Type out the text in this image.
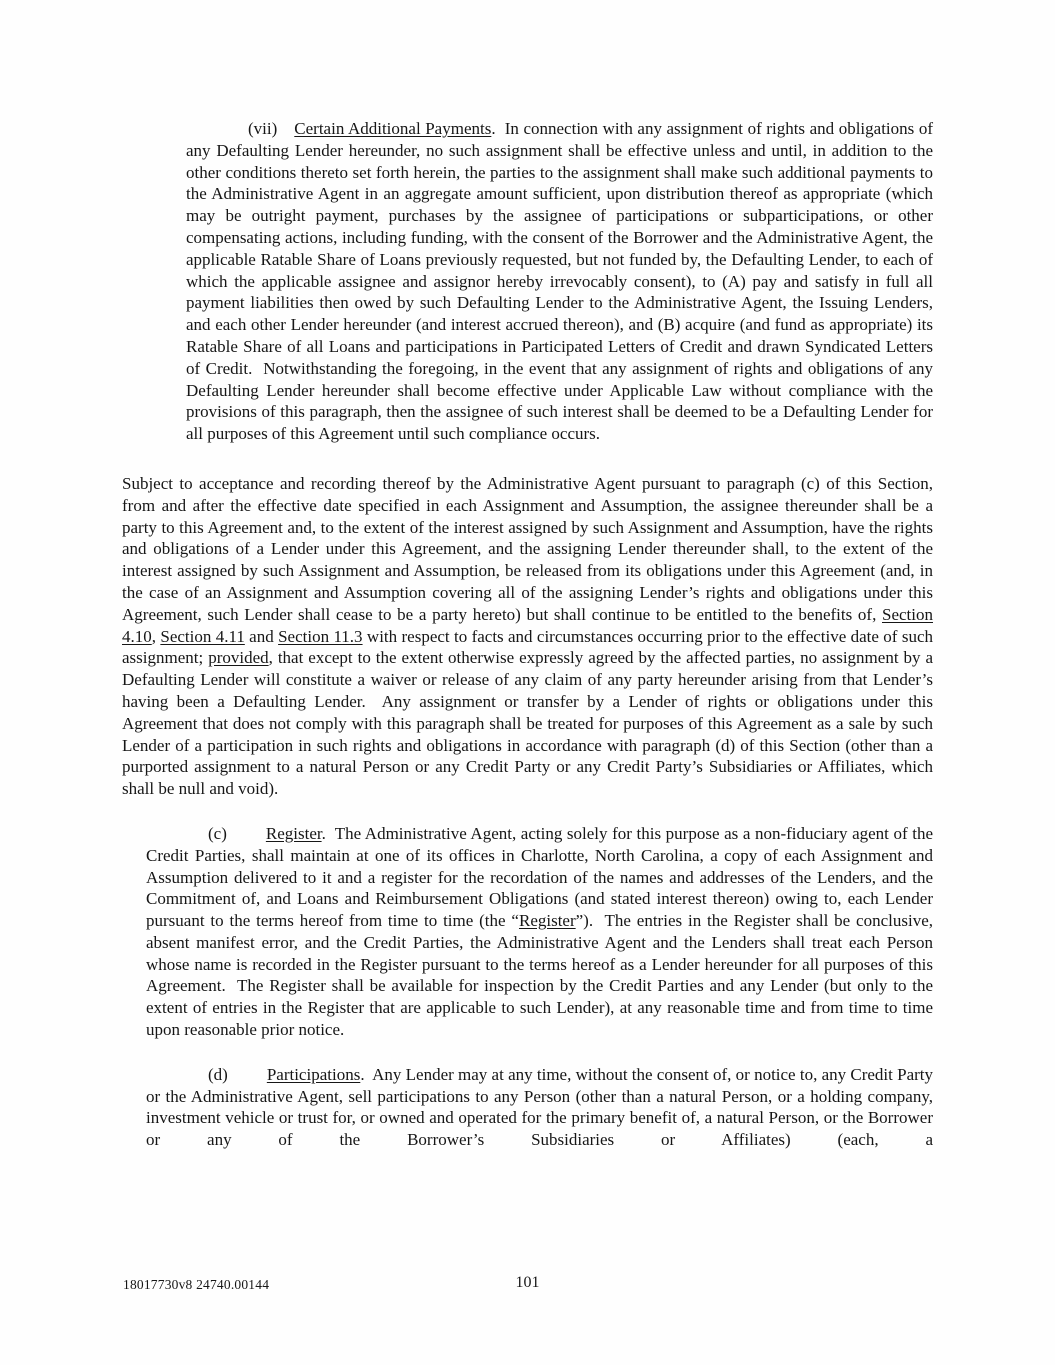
(vii) Certain Additional Payments.  In connection with any assignment of rights and obligations of any Defaulting Lender hereunder, no such assignment shall be effective unless and until, in addition to the other conditions thereto set forth herein, the parties to the assignment shall make such additional payments to the Administrative Agent in an aggregate amount sufficient, upon distribution thereof as appropriate (which may be outright payment, purchases by the assignee of participations or subparticipations, or other compensating actions, including funding, with the consent of the Borrower and the Administrative Agent, the applicable Ratable Share of Loans previously requested, but not funded by, the Defaulting Lender, to each of which the applicable assignee and assignor hereby irrevocably consent), to (A) pay and satisfy in full all payment liabilities then owed by such Defaulting Lender to the Administrative Agent, the Issuing Lenders, and each other Lender hereunder (and interest accrued thereon), and (B) acquire (and fund as appropriate) its Ratable Share of all Loans and participations in Participated Letters of Credit and drawn Syndicated Letters of Credit.  Notwithstanding the foregoing, in the event that any assignment of rights and obligations of any Defaulting Lender hereunder shall become effective under Applicable Law without compliance with the provisions of this paragraph, then the assignee of such interest shall be deemed to be a Defaulting Lender for all purposes of this Agreement until such compliance occurs.

Subject to acceptance and recording thereof by the Administrative Agent pursuant to paragraph (c) of this Section, from and after the effective date specified in each Assignment and Assumption, the assignee thereunder shall be a party to this Agreement and, to the extent of the interest assigned by such Assignment and Assumption, have the rights and obligations of a Lender under this Agreement, and the assigning Lender thereunder shall, to the extent of the interest assigned by such Assignment and Assumption, be released from its obligations under this Agreement (and, in the case of an Assignment and Assumption covering all of the assigning Lender’s rights and obligations under this Agreement, such Lender shall cease to be a party hereto) but shall continue to be entitled to the benefits of, Section 4.10, Section 4.11 and Section 11.3 with respect to facts and circumstances occurring prior to the effective date of such assignment; provided, that except to the extent otherwise expressly agreed by the affected parties, no assignment by a Defaulting Lender will constitute a waiver or release of any claim of any party hereunder arising from that Lender’s having been a Defaulting Lender.  Any assignment or transfer by a Lender of rights or obligations under this Agreement that does not comply with this paragraph shall be treated for purposes of this Agreement as a sale by such Lender of a participation in such rights and obligations in accordance with paragraph (d) of this Section (other than a purported assignment to a natural Person or any Credit Party or any Credit Party’s Subsidiaries or Affiliates, which shall be null and void).

(c) Register.  The Administrative Agent, acting solely for this purpose as a non-fiduciary agent of the Credit Parties, shall maintain at one of its offices in Charlotte, North Carolina, a copy of each Assignment and Assumption delivered to it and a register for the recordation of the names and addresses of the Lenders, and the Commitment of, and Loans and Reimbursement Obligations (and stated interest thereon) owing to, each Lender pursuant to the terms hereof from time to time (the “Register”).  The entries in the Register shall be conclusive, absent manifest error, and the Credit Parties, the Administrative Agent and the Lenders shall treat each Person whose name is recorded in the Register pursuant to the terms hereof as a Lender hereunder for all purposes of this Agreement.  The Register shall be available for inspection by the Credit Parties and any Lender (but only to the extent of entries in the Register that are applicable to such Lender), at any reasonable time and from time to time upon reasonable prior notice.

(d) Participations.  Any Lender may at any time, without the consent of, or notice to, any Credit Party or the Administrative Agent, sell participations to any Person (other than a natural Person, or a holding company, investment vehicle or trust for, or owned and operated for the primary benefit of, a natural Person, or the Borrower or any of the Borrower’s Subsidiaries or Affiliates) (each, a

18017730v8 24740.00144	101
